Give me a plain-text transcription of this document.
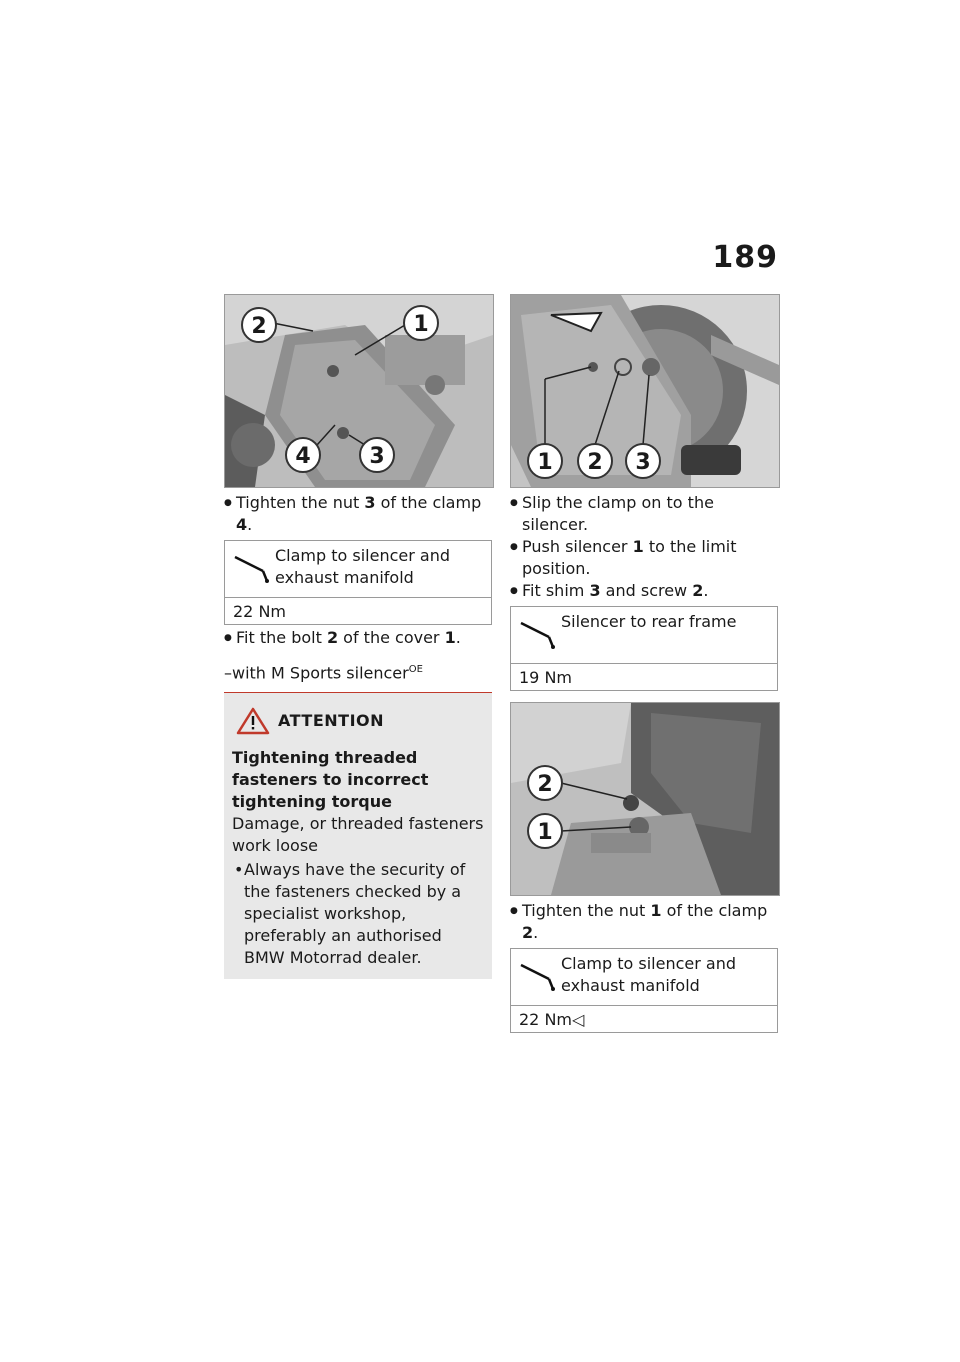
189
2	1
4	3

● Tighten the nut 3 of the clamp 4.

Clamp to silencer and exhaust manifold
22 Nm

● Fit the bolt 2 of the cover 1.

–with M Sports silencer$^{OE}$
ATTENTION
Tightening threaded fasteners to incorrect tightening torque
Damage, or threaded fasteners work loose
• Always have the security of the fasteners checked by a specialist workshop, preferably an authorised BMW Motorrad dealer.
1 2 3

● Slip the clamp on to the silencer.

● Push silencer 1 to the limit position.

● Fit shim 3 and screw 2.

Silencer to rear frame
19 Nm
2
1

● Tighten the nut 1 of the clamp 2.

Clamp to silencer and exhaust manifold
22 Nm◁
